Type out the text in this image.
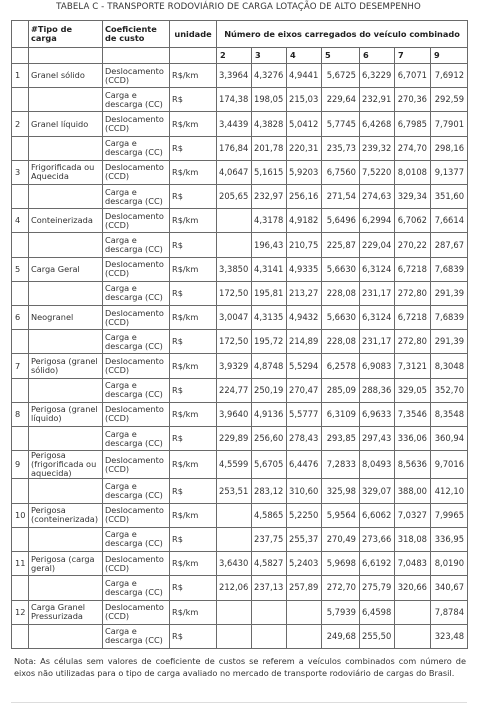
TABELA C - TRANSPORTE RODOVIÁRIO DE CARGA LOTAÇÃO DE ALTO DESEMPENHO
	#Tipo de carga	Coeficiente de custo	unidade	Número de eixos carregados do veículo combinado						
				2	3	4	5	6	7	9
1	Granel sólido	Deslocamento (CCD)	R$/km	3,3964	4,3276	4,9441	5,6725	6,3229	6,7071	7,6912
		Carga e descarga (CC)	R$	174,38	198,05	215,03	229,64	232,91	270,36	292,59
2	Granel líquido	Deslocamento (CCD)	R$/km	3,4439	4,3828	5,0412	5,7745	6,4268	6,7985	7,7901
		Carga e descarga (CC)	R$	176,84	201,78	220,31	235,73	239,32	274,70	298,16
3	Frigorificada ou Aquecida	Deslocamento (CCD)	R$/km	4,0647	5,1615	5,9203	6,7560	7,5220	8,0108	9,1377
		Carga e descarga (CC)	R$	205,65	232,97	256,16	271,54	274,63	329,34	351,60
4	Conteinerizada	Deslocamento (CCD)	R$/km		4,3178	4,9182	5,6496	6,2994	6,7062	7,6614
		Carga e descarga (CC)	R$		196,43	210,75	225,87	229,04	270,22	287,67
5	Carga Geral	Deslocamento (CCD)	R$/km	3,3850	4,3141	4,9335	5,6630	6,3124	6,7218	7,6839
		Carga e descarga (CC)	R$	172,50	195,81	213,27	228,08	231,17	272,80	291,39
6	Neogranel	Deslocamento (CCD)	R$/km	3,0047	4,3135	4,9432	5,6630	6,3124	6,7218	7,6839
		Carga e descarga (CC)	R$	172,50	195,72	214,89	228,08	231,17	272,80	291,39
7	Perigosa (granel sólido)	Deslocamento (CCD)	R$/km	3,9329	4,8748	5,5294	6,2578	6,9083	7,3121	8,3048
		Carga e descarga (CC)	R$	224,77	250,19	270,47	285,09	288,36	329,05	352,70
8	Perigosa (granel líquido)	Deslocamento (CCD)	R$/km	3,9640	4,9136	5,5777	6,3109	6,9633	7,3546	8,3548
		Carga e descarga (CC)	R$	229,89	256,60	278,43	293,85	297,43	336,06	360,94
9	Perigosa (frigorificada ou aquecida)	Deslocamento (CCD)	R$/km	4,5599	5,6705	6,4476	7,2833	8,0493	8,5636	9,7016
		Carga e descarga (CC)	R$	253,51	283,12	310,60	325,98	329,07	388,00	412,10
10	Perigosa (conteinerizada)	Deslocamento (CCD)	R$/km		4,5865	5,2250	5,9564	6,6062	7,0327	7,9965
		Carga e descarga (CC)	R$		237,75	255,37	270,49	273,66	318,08	336,95
11	Perigosa (carga geral)	Deslocamento (CCD)	R$/km	3,6430	4,5827	5,2403	5,9698	6,6192	7,0483	8,0190
		Carga e descarga (CC)	R$	212,06	237,13	257,89	272,70	275,79	320,66	340,67
12	Carga Granel Pressurizada	Deslocamento (CCD)	R$/km				5,7939	6,4598		7,8784
		Carga e descarga (CC)	R$				249,68	255,50		323,48
Nota: As células sem valores de coeficiente de custos se referem a veículos combinados com número de eixos não utilizadas para o tipo de carga avaliado no mercado de transporte rodoviário de cargas do Brasil.
